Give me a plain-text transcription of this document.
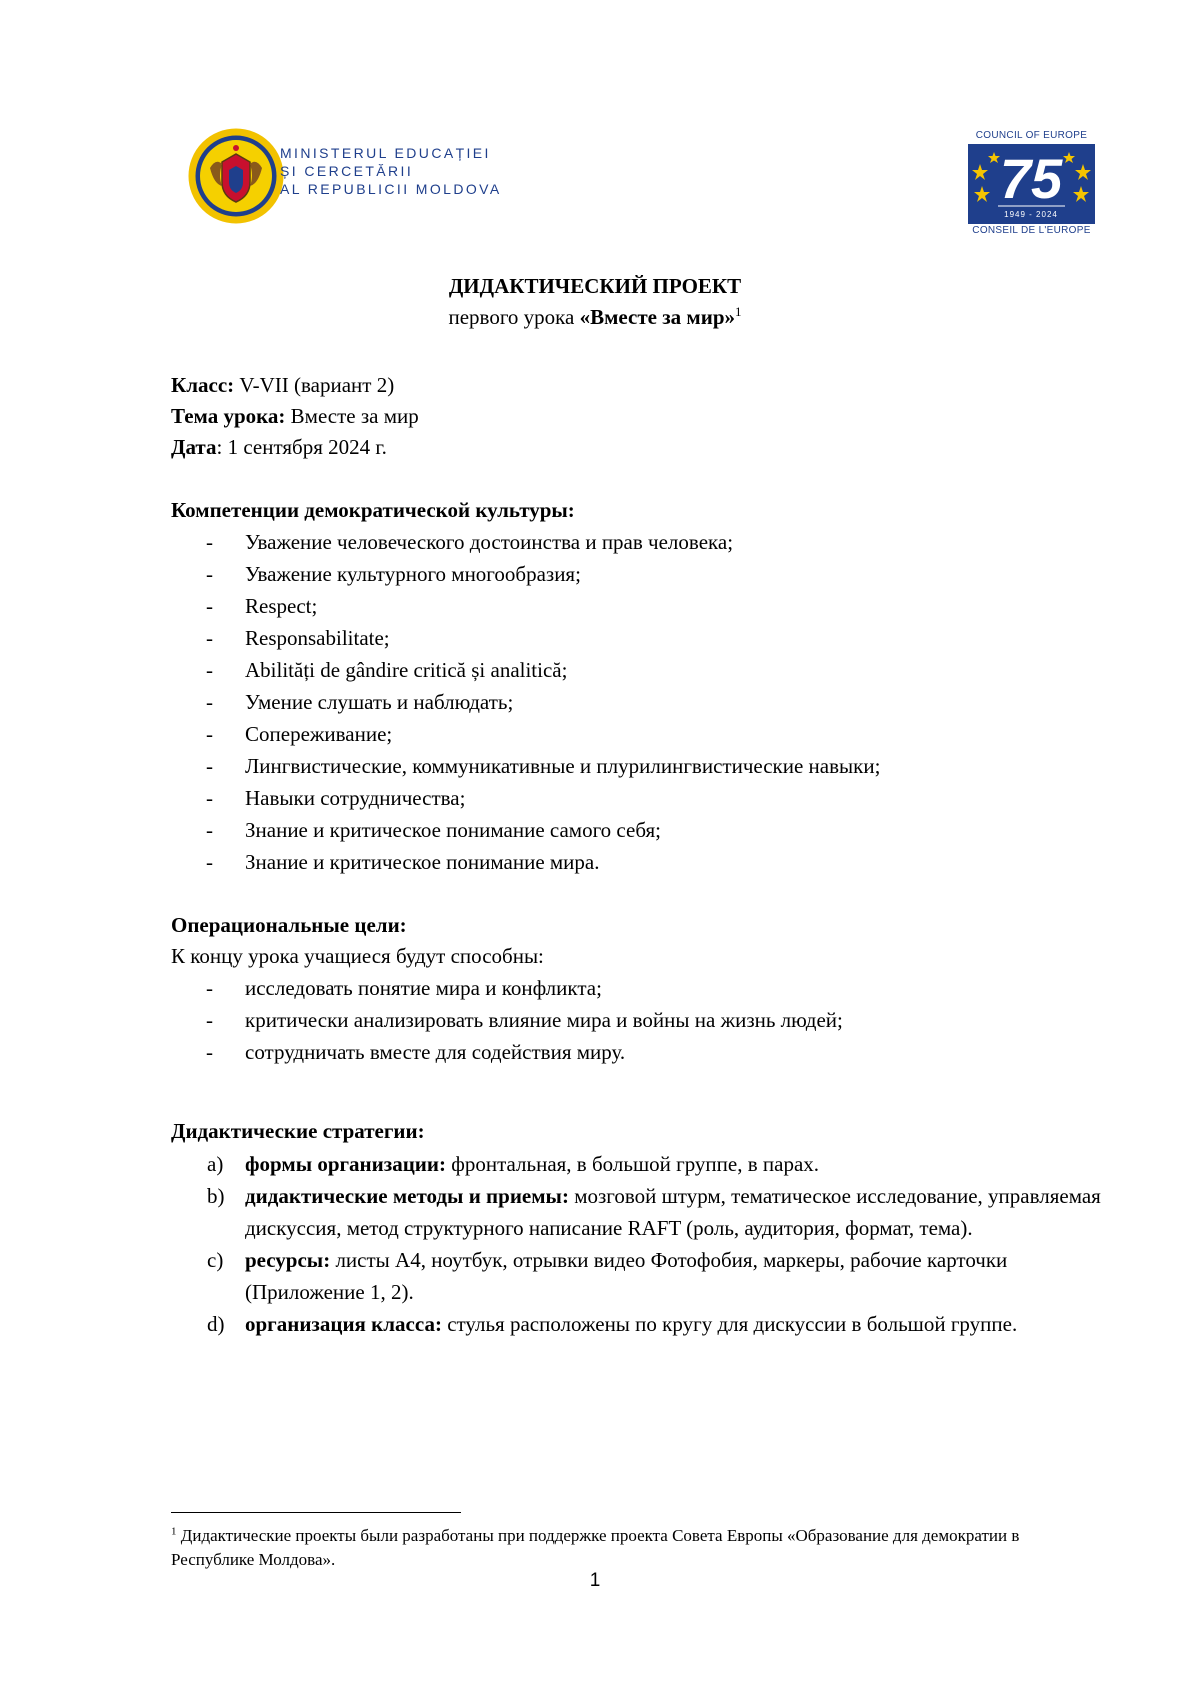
MINISTERUL EDUCAȚIEI
ȘI CERCETĂRII
AL REPUBLICII MOLDOVA
COUNCIL OF EUROPE
75
1949 - 2024
CONSEIL DE L'EUROPE
ДИДАКТИЧЕСКИЙ ПРОЕКТ
первого урока «Вместе за мир»$^1$
Класс: V-VII (вариант 2)
Тема урока: Вместе за мир
Дата: 1 сентября 2024 г.
Компетенции демократической культуры:
- Уважение человеческого достоинства и прав человека;
- Уважение культурного многообразия;
- Respect;
- Responsabilitate;
- Abilități de gândire critică și analitică;
- Умение слушать и наблюдать;
- Сопереживание;
- Лингвистические, коммуникативные и плурилингвистические навыки;
- Навыки сотрудничества;
- Знание и критическое понимание самого себя;
- Знание и критическое понимание мира.
Операциональные цели:
К концу урока учащиеся будут способны:
- исследовать понятие мира и конфликта;
- критически анализировать влияние мира и войны на жизнь людей;
- сотрудничать вместе для содействия миру.
Дидактические стратегии:
a) формы организации: фронтальная, в большой группе, в парах.
b) дидактические методы и приемы: мозговой штурм, тематическое исследование, управляемая дискуссия, метод структурного написание RAFT (роль, аудитория, формат, тема).
c) ресурсы: листы А4, ноутбук, отрывки видео Фотофобия, маркеры, рабочие карточки (Приложение 1, 2).
d) организация класса: стулья расположены по кругу для дискуссии в большой группе.
$^1$ Дидактические проекты были разработаны при поддержке проекта Совета Европы «Образование для демократии в Республике Молдова».
1
